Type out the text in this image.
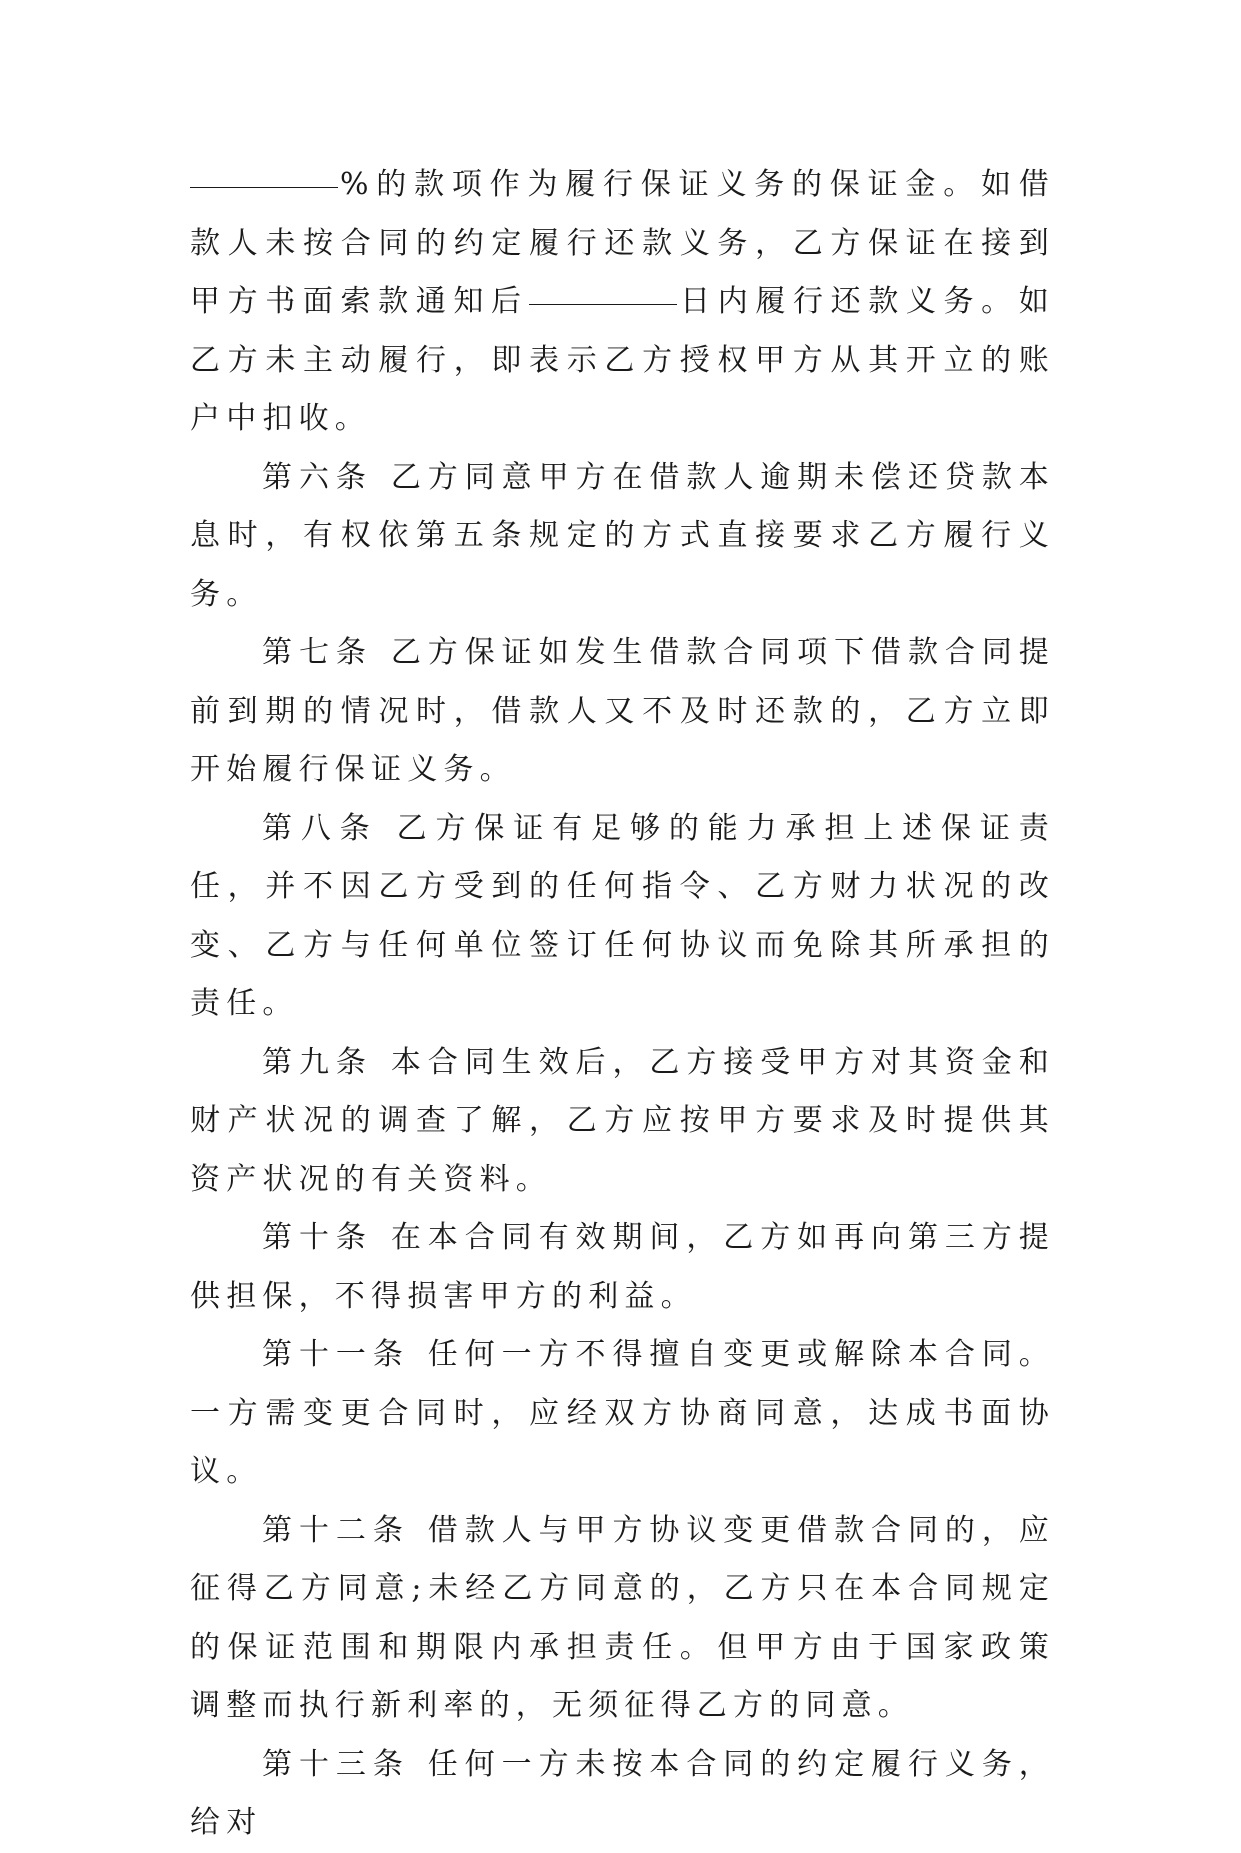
%的款项作为履行保证义务的保证金。如借款人未按合同的约定履行还款义务，乙方保证在接到甲方书面索款通知后	日内履行还款义务。如乙方未主动履行，即表示乙方授权甲方从其开立的账户中扣收。

第六条 乙方同意甲方在借款人逾期未偿还贷款本息时，有权依第五条规定的方式直接要求乙方履行义务。

第七条 乙方保证如发生借款合同项下借款合同提前到期的情况时，借款人又不及时还款的，乙方立即开始履行保证义务。

第八条 乙方保证有足够的能力承担上述保证责任，并不因乙方受到的任何指令、乙方财力状况的改变、乙方与任何单位签订任何协议而免除其所承担的责任。

第九条 本合同生效后，乙方接受甲方对其资金和财产状况的调查了解，乙方应按甲方要求及时提供其资产状况的有关资料。

第十条 在本合同有效期间，乙方如再向第三方提供担保，不得损害甲方的利益。

第十一条 任何一方不得擅自变更或解除本合同。一方需变更合同时，应经双方协商同意，达成书面协议。

第十二条 借款人与甲方协议变更借款合同的，应征得乙方同意;未经乙方同意的，乙方只在本合同规定的保证范围和期限内承担责任。但甲方由于国家政策调整而执行新利率的，无须征得乙方的同意。

第十三条 任何一方未按本合同的约定履行义务，给对
